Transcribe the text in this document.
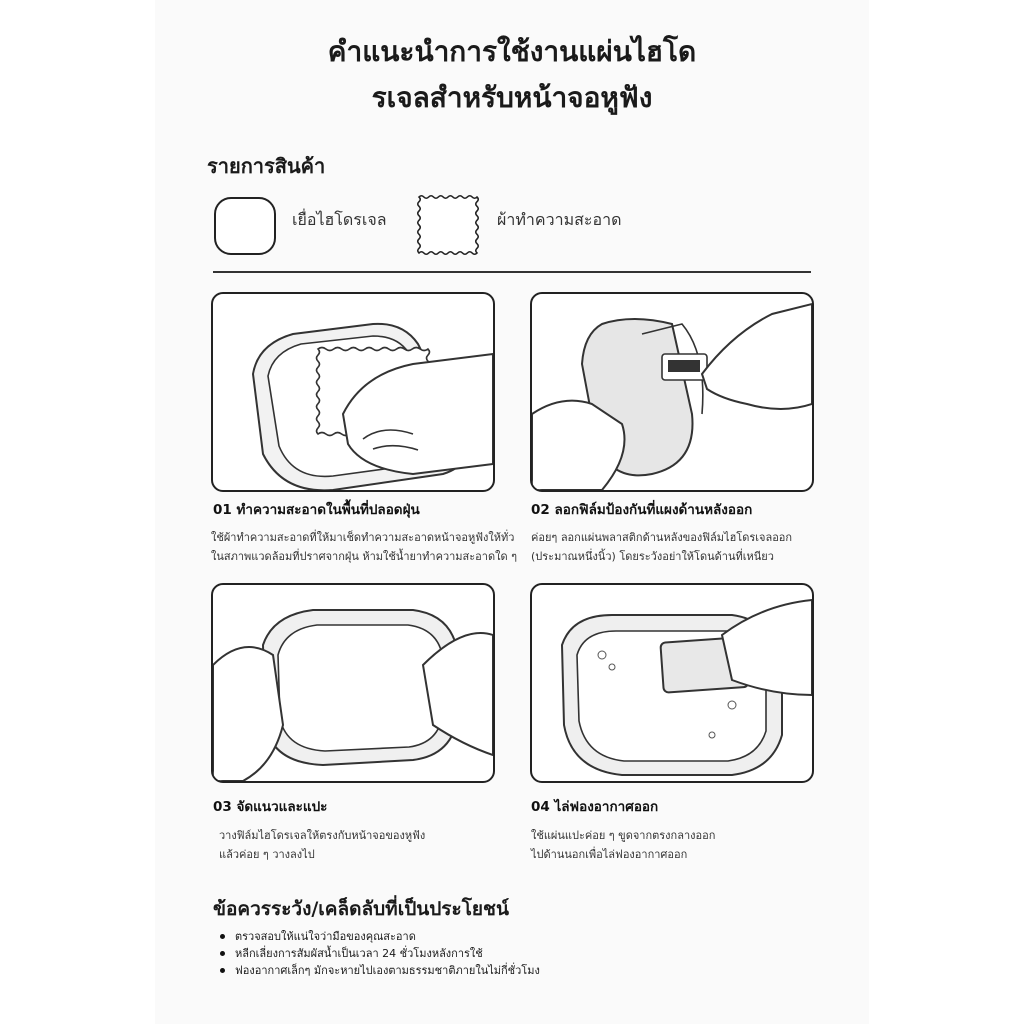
คำแนะนำการใช้งานแผ่นไฮโด
รเจลสำหรับหน้าจอหูฟัง
รายการสินค้า
เยื่อไฮโดรเจล	ผ้าทำความสะอาด
01 ทำความสะอาดในพื้นที่ปลอดฝุ่น
ใช้ผ้าทำความสะอาดที่ให้มาเช็ดทำความสะอาดหน้าจอหูฟังให้ทั่ว
ในสภาพแวดล้อมที่ปราศจากฝุ่น ห้ามใช้น้ำยาทำความสะอาดใด ๆ
02 ลอกฟิล์มป้องกันที่แผงด้านหลังออก
ค่อยๆ ลอกแผ่นพลาสติกด้านหลังของฟิล์มไฮโดรเจลออก
(ประมาณหนึ่งนิ้ว) โดยระวังอย่าให้โดนด้านที่เหนียว
03 จัดแนวและแปะ
วางฟิล์มไฮโดรเจลให้ตรงกับหน้าจอของหูฟัง
แล้วค่อย ๆ วางลงไป
04 ไล่ฟองอากาศออก
ใช้แผ่นแปะค่อย ๆ ขูดจากตรงกลางออก
ไปด้านนอกเพื่อไล่ฟองอากาศออก
ข้อควรระวัง/เคล็ดลับที่เป็นประโยชน์
ตรวจสอบให้แน่ใจว่ามือของคุณสะอาด
หลีกเลี่ยงการสัมผัสน้ำเป็นเวลา 24 ชั่วโมงหลังการใช้
ฟองอากาศเล็กๆ มักจะหายไปเองตามธรรมชาติภายในไม่กี่ชั่วโมง
